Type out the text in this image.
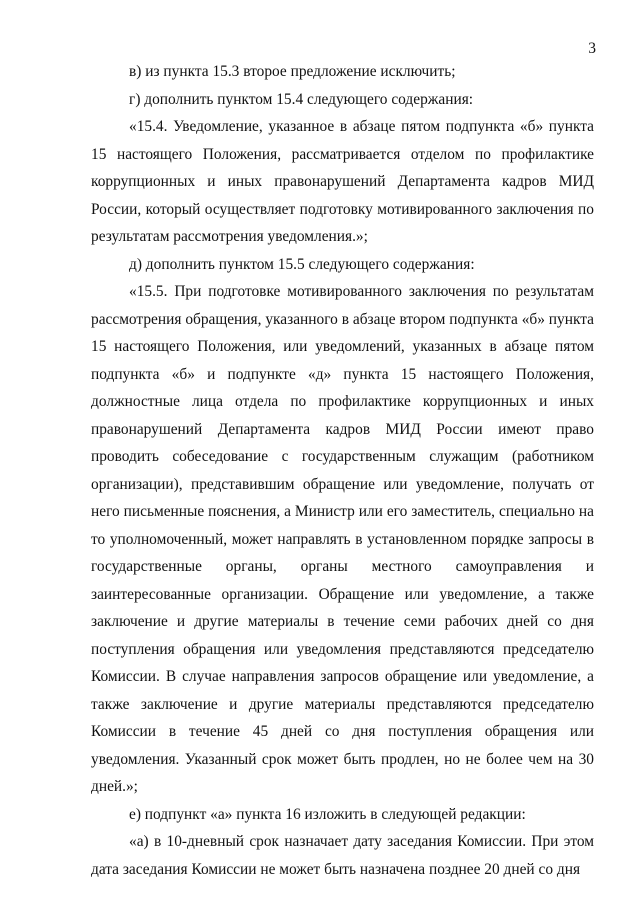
3

в) из пункта 15.3 второе предложение исключить;

г) дополнить пунктом 15.4 следующего содержания:

«15.4. Уведомление, указанное в абзаце пятом подпункта «б» пункта 15 настоящего Положения, рассматривается отделом по профилактике коррупционных и иных правонарушений Департамента кадров МИД России, который осуществляет подготовку мотивированного заключения по результатам рассмотрения уведомления.»;

д) дополнить пунктом 15.5 следующего содержания:

«15.5. При подготовке мотивированного заключения по результатам рассмотрения обращения, указанного в абзаце втором подпункта «б» пункта 15 настоящего Положения, или уведомлений, указанных в абзаце пятом подпункта «б» и подпункте «д» пункта 15 настоящего Положения, должностные лица отдела по профилактике коррупционных и иных правонарушений Департамента кадров МИД России имеют право проводить собеседование с государственным служащим (работником организации), представившим обращение или уведомление, получать от него письменные пояснения, а Министр или его заместитель, специально на то уполномоченный, может направлять в установленном порядке запросы в государственные органы, органы местного самоуправления и заинтересованные организации. Обращение или уведомление, а также заключение и другие материалы в течение семи рабочих дней со дня поступления обращения или уведомления представляются председателю Комиссии. В случае направления запросов обращение или уведомление, а также заключение и другие материалы представляются председателю Комиссии в течение 45 дней со дня поступления обращения или уведомления. Указанный срок может быть продлен, но не более чем на 30 дней.»;

е) подпункт «а» пункта 16 изложить в следующей редакции:

«а) в 10-дневный срок назначает дату заседания Комиссии. При этом дата заседания Комиссии не может быть назначена позднее 20 дней со дня
